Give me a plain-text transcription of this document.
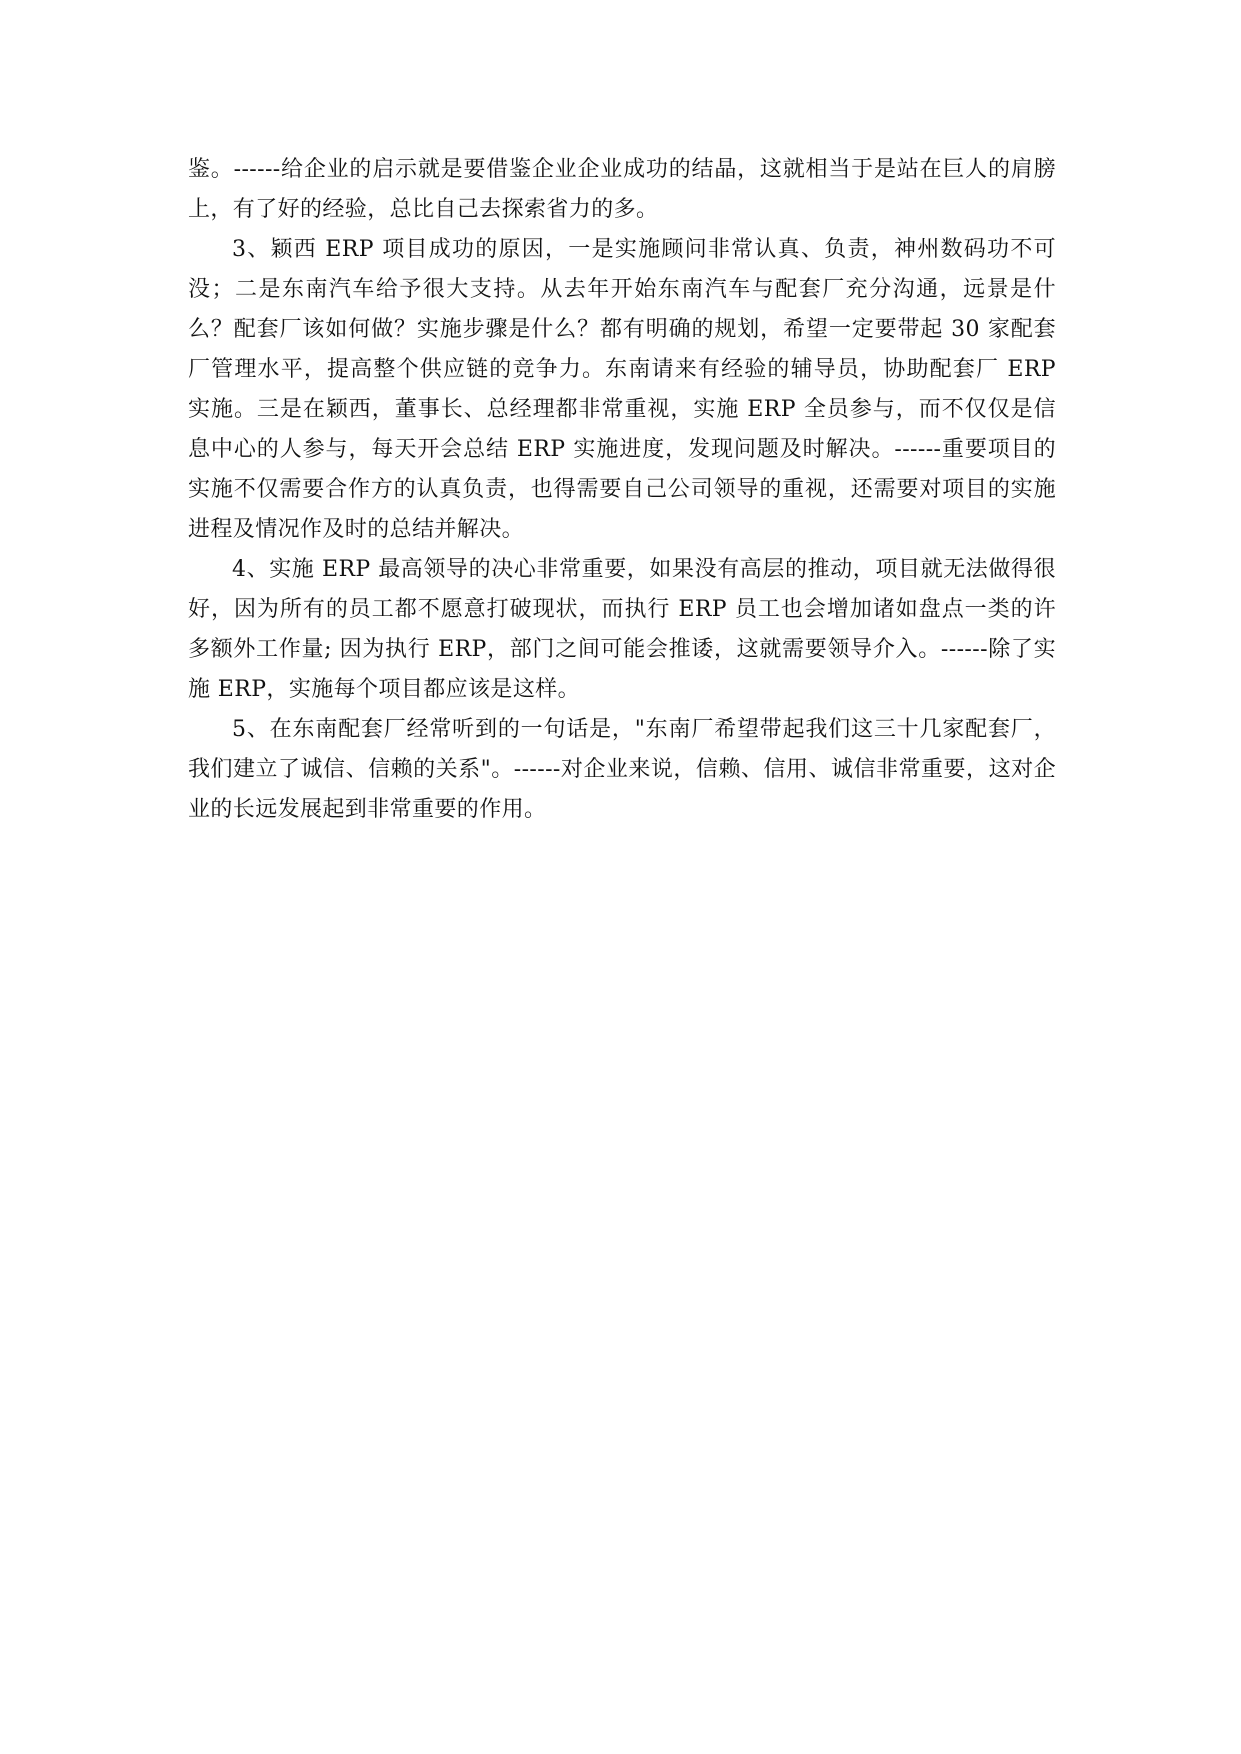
鉴。------给企业的启示就是要借鉴企业企业成功的结晶，这就相当于是站在巨人的肩膀上，有了好的经验，总比自己去探索省力的多。

3、颖西 ERP 项目成功的原因，一是实施顾问非常认真、负责，神州数码功不可没；二是东南汽车给予很大支持。从去年开始东南汽车与配套厂充分沟通，远景是什么？配套厂该如何做？实施步骤是什么？都有明确的规划，希望一定要带起 30 家配套厂管理水平，提高整个供应链的竞争力。东南请来有经验的辅导员，协助配套厂 ERP 实施。三是在颖西，董事长、总经理都非常重视，实施 ERP 全员参与，而不仅仅是信息中心的人参与，每天开会总结 ERP 实施进度，发现问题及时解决。------重要项目的实施不仅需要合作方的认真负责，也得需要自己公司领导的重视，还需要对项目的实施进程及情况作及时的总结并解决。

4、实施 ERP 最高领导的决心非常重要，如果没有高层的推动，项目就无法做得很好，因为所有的员工都不愿意打破现状，而执行 ERP 员工也会增加诸如盘点一类的许多额外工作量; 因为执行 ERP，部门之间可能会推诿，这就需要领导介入。------除了实施 ERP，实施每个项目都应该是这样。

5、在东南配套厂经常听到的一句话是，"东南厂希望带起我们这三十几家配套厂，我们建立了诚信、信赖的关系"。------对企业来说，信赖、信用、诚信非常重要，这对企业的长远发展起到非常重要的作用。
